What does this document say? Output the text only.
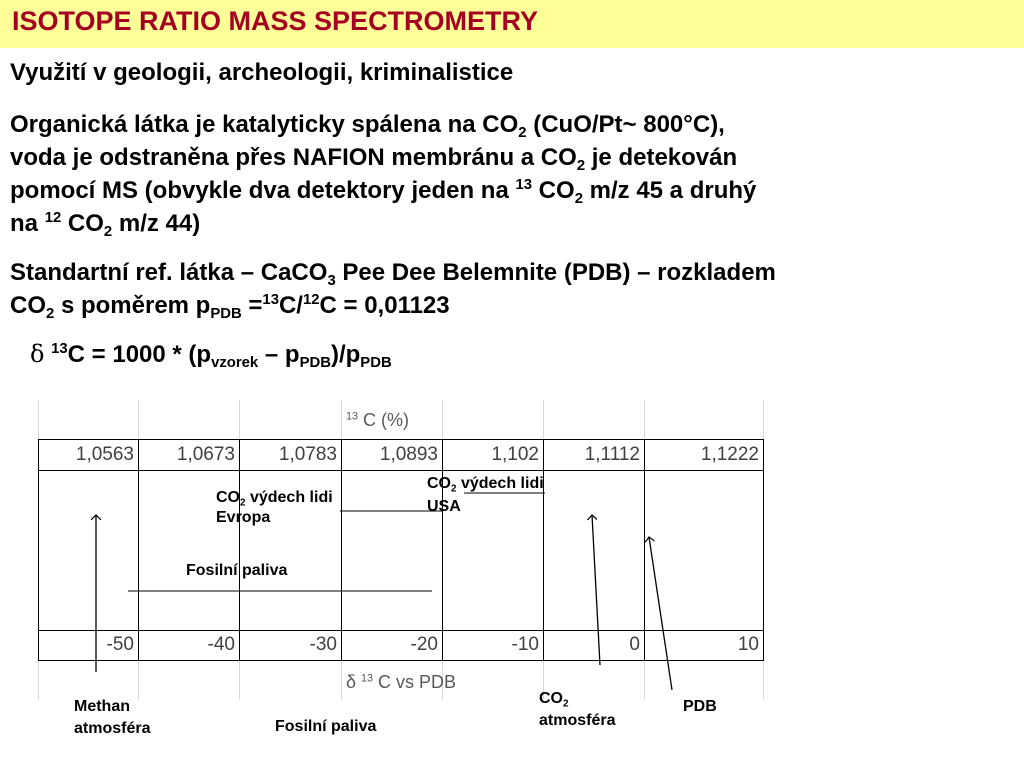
ISOTOPE RATIO MASS SPECTROMETRY
Využití v geologii, archeologii, kriminalistice
Organická látka je katalyticky spálena na $CO_2$ (CuO/Pt~ 800°C),
voda je odstraněna přes NAFION membránu a $CO_2$ je detekován
pomocí MS (obvykle dva detektory jeden na $^{13}$ $CO_2$ m/z 45 a druhý
na $^{12}$ $CO_2$ m/z 44)
Standartní ref. látka – CaCO$_3$ Pee Dee Belemnite (PDB) – rozkladem
$CO_2$ s poměrem $p_{PDB} =^{13}C/^{12}C = 0,01123$
δ $^{13}C = 1000 * (p_{vzorek} - p_{PDB})/p_{PDB}$
$^{13}$ C (%)
1,0563	1,0673	1,0783	1,0893	1,102	1,1112	1,1222
-50	-40	-30	-20	-10	0	10
δ $^{13}$ C vs PDB
$CO_2$ výdech lidi
Evropa
$CO_2$ výdech lidi
USA
Fosilní paliva
Methan
atmosféra	Fosilní paliva
$CO_2$
atmosféra
PDB
